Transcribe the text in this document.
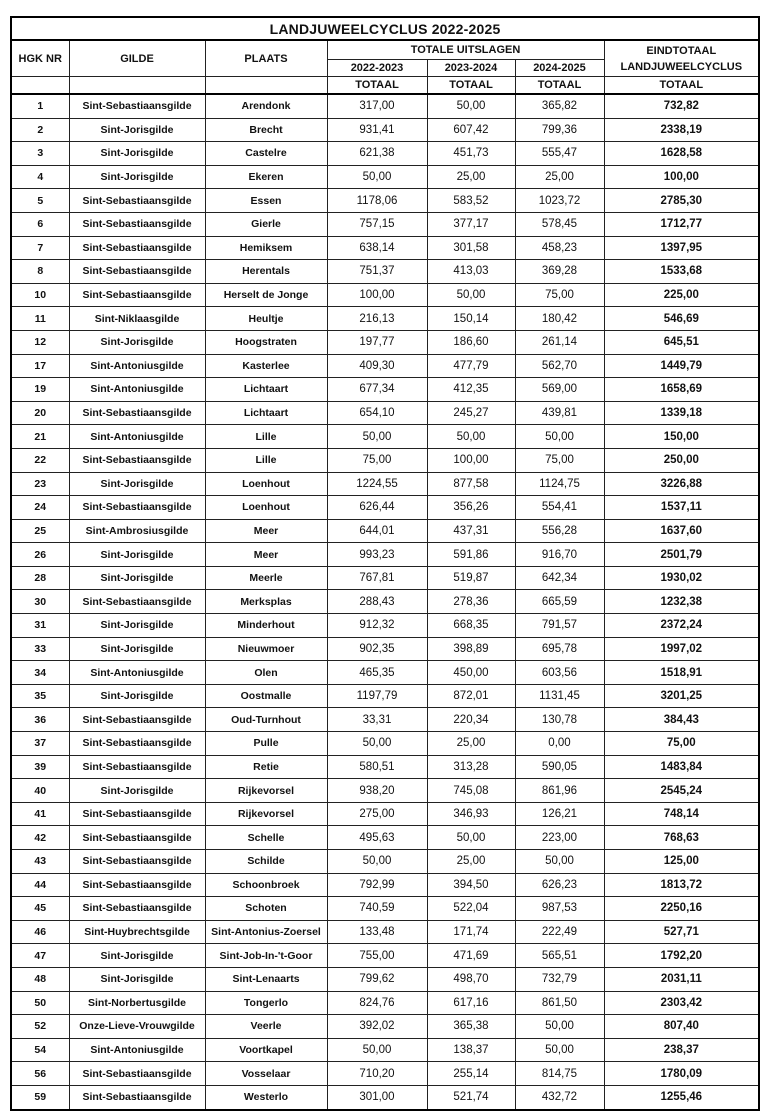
LANDJUWEELCYCLUS 2022-2025						
HGK NR	GILDE	PLAATS	TOTALE UITSLAGEN			EINDTOTAAL
LANDJUWEELCYCLUS

			2022-2023	2023-2024	2024-2025	
			TOTAAL	TOTAAL	TOTAAL	TOTAAL
1	Sint-Sebastiaansgilde	Arendonk	317,00	50,00	365,82	732,82
2	Sint-Jorisgilde	Brecht	931,41	607,42	799,36	2338,19
3	Sint-Jorisgilde	Castelre	621,38	451,73	555,47	1628,58
4	Sint-Jorisgilde	Ekeren	50,00	25,00	25,00	100,00
5	Sint-Sebastiaansgilde	Essen	1178,06	583,52	1023,72	2785,30
6	Sint-Sebastiaansgilde	Gierle	757,15	377,17	578,45	1712,77
7	Sint-Sebastiaansgilde	Hemiksem	638,14	301,58	458,23	1397,95
8	Sint-Sebastiaansgilde	Herentals	751,37	413,03	369,28	1533,68
10	Sint-Sebastiaansgilde	Herselt de Jonge	100,00	50,00	75,00	225,00
11	Sint-Niklaasgilde	Heultje	216,13	150,14	180,42	546,69
12	Sint-Jorisgilde	Hoogstraten	197,77	186,60	261,14	645,51
17	Sint-Antoniusgilde	Kasterlee	409,30	477,79	562,70	1449,79
19	Sint-Antoniusgilde	Lichtaart	677,34	412,35	569,00	1658,69
20	Sint-Sebastiaansgilde	Lichtaart	654,10	245,27	439,81	1339,18
21	Sint-Antoniusgilde	Lille	50,00	50,00	50,00	150,00
22	Sint-Sebastiaansgilde	Lille	75,00	100,00	75,00	250,00
23	Sint-Jorisgilde	Loenhout	1224,55	877,58	1124,75	3226,88
24	Sint-Sebastiaansgilde	Loenhout	626,44	356,26	554,41	1537,11
25	Sint-Ambrosiusgilde	Meer	644,01	437,31	556,28	1637,60
26	Sint-Jorisgilde	Meer	993,23	591,86	916,70	2501,79
28	Sint-Jorisgilde	Meerle	767,81	519,87	642,34	1930,02
30	Sint-Sebastiaansgilde	Merksplas	288,43	278,36	665,59	1232,38
31	Sint-Jorisgilde	Minderhout	912,32	668,35	791,57	2372,24
33	Sint-Jorisgilde	Nieuwmoer	902,35	398,89	695,78	1997,02
34	Sint-Antoniusgilde	Olen	465,35	450,00	603,56	1518,91
35	Sint-Jorisgilde	Oostmalle	1197,79	872,01	1131,45	3201,25
36	Sint-Sebastiaansgilde	Oud-Turnhout	33,31	220,34	130,78	384,43
37	Sint-Sebastiaansgilde	Pulle	50,00	25,00	0,00	75,00
39	Sint-Sebastiaansgilde	Retie	580,51	313,28	590,05	1483,84
40	Sint-Jorisgilde	Rijkevorsel	938,20	745,08	861,96	2545,24
41	Sint-Sebastiaansgilde	Rijkevorsel	275,00	346,93	126,21	748,14
42	Sint-Sebastiaansgilde	Schelle	495,63	50,00	223,00	768,63
43	Sint-Sebastiaansgilde	Schilde	50,00	25,00	50,00	125,00
44	Sint-Sebastiaansgilde	Schoonbroek	792,99	394,50	626,23	1813,72
45	Sint-Sebastiaansgilde	Schoten	740,59	522,04	987,53	2250,16
46	Sint-Huybrechtsgilde	Sint-Antonius-Zoersel	133,48	171,74	222,49	527,71
47	Sint-Jorisgilde	Sint-Job-In-'t-Goor	755,00	471,69	565,51	1792,20
48	Sint-Jorisgilde	Sint-Lenaarts	799,62	498,70	732,79	2031,11
50	Sint-Norbertusgilde	Tongerlo	824,76	617,16	861,50	2303,42
52	Onze-Lieve-Vrouwgilde	Veerle	392,02	365,38	50,00	807,40
54	Sint-Antoniusgilde	Voortkapel	50,00	138,37	50,00	238,37
56	Sint-Sebastiaansgilde	Vosselaar	710,20	255,14	814,75	1780,09
59	Sint-Sebastiaansgilde	Westerlo	301,00	521,74	432,72	1255,46
